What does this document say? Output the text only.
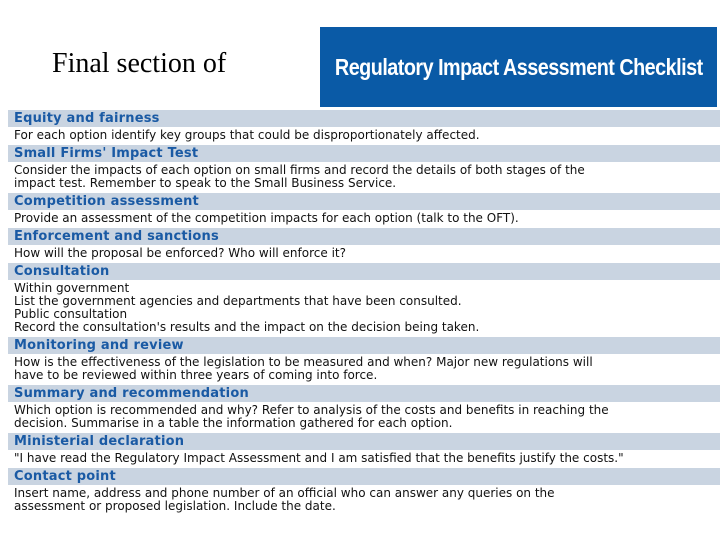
Final section of	Regulatory Impact Assessment Checklist
Equity and fairness
For each option identify key groups that could be disproportionately affected.
Small Firms' Impact Test
Consider the impacts of each option on small firms and record the details of both stages of the
impact test. Remember to speak to the Small Business Service.
Competition assessment
Provide an assessment of the competition impacts for each option (talk to the OFT).
Enforcement and sanctions
How will the proposal be enforced? Who will enforce it?
Consultation
Within government
List the government agencies and departments that have been consulted.
Public consultation
Record the consultation's results and the impact on the decision being taken.
Monitoring and review
How is the effectiveness of the legislation to be measured and when? Major new regulations will
have to be reviewed within three years of coming into force.
Summary and recommendation
Which option is recommended and why? Refer to analysis of the costs and benefits in reaching the
decision. Summarise in a table the information gathered for each option.
Ministerial declaration
"I have read the Regulatory Impact Assessment and I am satisfied that the benefits justify the costs."
Contact point
Insert name, address and phone number of an official who can answer any queries on the
assessment or proposed legislation. Include the date.
